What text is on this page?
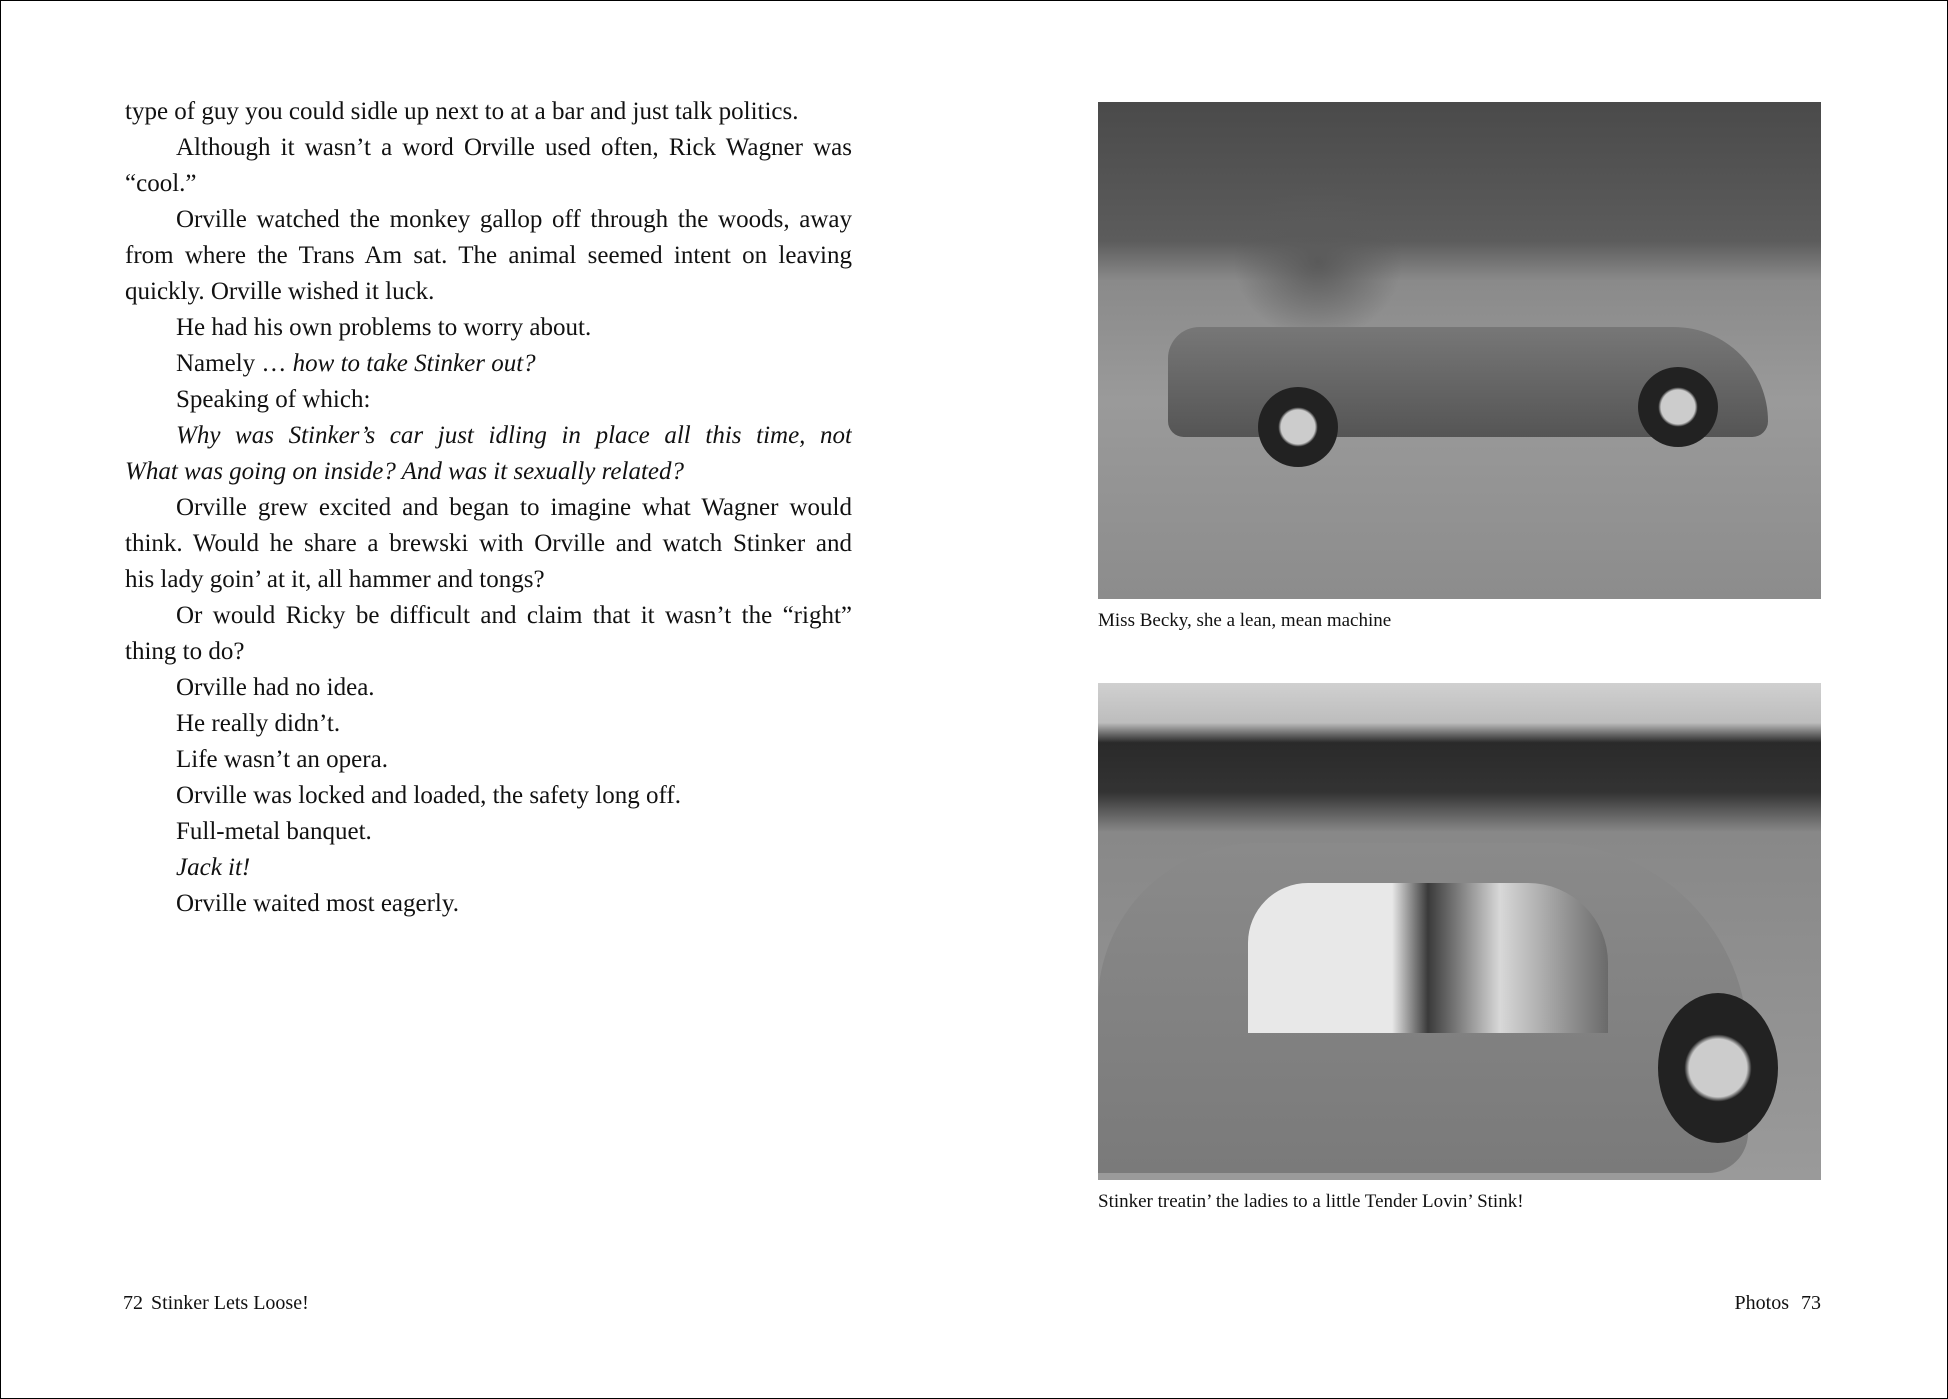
type of guy you could sidle up next to at a bar and just talk politics.
Although it wasn’t a word Orville used often, Rick Wagner was
“cool.”
Orville watched the monkey gallop off through the woods, away
from where the Trans Am sat. The animal seemed intent on leaving
quickly. Orville wished it luck.
He had his own problems to worry about.
Namely … how to take Stinker out?
Speaking of which:
Why was Stinker’s car just idling in place all this time, not
What was going on inside? And was it sexually related?
Orville grew excited and began to imagine what Wagner would
think. Would he share a brewski with Orville and watch Stinker and
his lady goin’ at it, all hammer and tongs?
Or would Ricky be difficult and claim that it wasn’t the “right”
thing to do?
Orville had no idea.
He really didn’t.
Life wasn’t an opera.
Orville was locked and loaded, the safety long off.
Full-metal banquet.
Jack it!
Orville waited most eagerly.
Miss Becky, she a lean, mean machine
Stinker treatin’ the ladies to a little Tender Lovin’ Stink!
72 Stinker Lets Loose!	Photos 73
